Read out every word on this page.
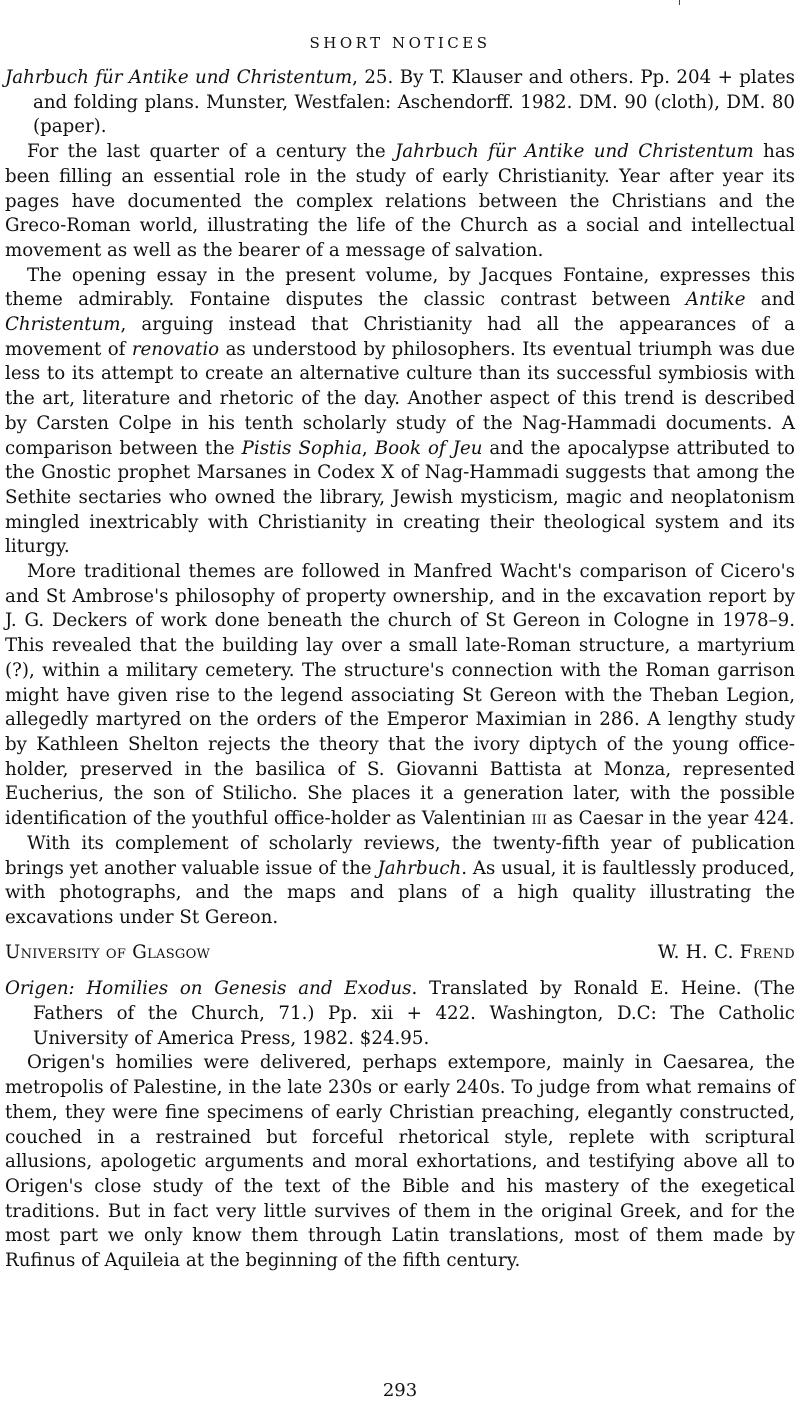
SHORT NOTICES

Jahrbuch für Antike und Christentum, 25. By T. Klauser and others. Pp. 204 + plates and folding plans. Munster, Westfalen: Aschendorff. 1982. DM. 90 (cloth), DM. 80 (paper).

For the last quarter of a century the Jahrbuch für Antike und Christentum has been filling an essential role in the study of early Christianity. Year after year its pages have documented the complex relations between the Christians and the Greco-Roman world, illustrating the life of the Church as a social and intellectual movement as well as the bearer of a message of salvation.

The opening essay in the present volume, by Jacques Fontaine, expresses this theme admirably. Fontaine disputes the classic contrast between Antike and Christentum, arguing instead that Christianity had all the appearances of a movement of renovatio as understood by philosophers. Its eventual triumph was due less to its attempt to create an alternative culture than its successful symbiosis with the art, literature and rhetoric of the day. Another aspect of this trend is described by Carsten Colpe in his tenth scholarly study of the Nag-Hammadi documents. A comparison between the Pistis Sophia, Book of Jeu and the apocalypse attributed to the Gnostic prophet Marsanes in Codex X of Nag-Hammadi suggests that among the Sethite sectaries who owned the library, Jewish mysticism, magic and neoplatonism mingled inextricably with Christianity in creating their theological system and its liturgy.

More traditional themes are followed in Manfred Wacht's comparison of Cicero's and St Ambrose's philosophy of property ownership, and in the excavation report by J. G. Deckers of work done beneath the church of St Gereon in Cologne in 1978–9. This revealed that the building lay over a small late-Roman structure, a martyrium (?), within a military cemetery. The structure's connection with the Roman garrison might have given rise to the legend associating St Gereon with the Theban Legion, allegedly martyred on the orders of the Emperor Maximian in 286. A lengthy study by Kathleen Shelton rejects the theory that the ivory diptych of the young office-holder, preserved in the basilica of S. Giovanni Battista at Monza, represented Eucherius, the son of Stilicho. She places it a generation later, with the possible identification of the youthful office-holder as Valentinian iii as Caesar in the year 424.

With its complement of scholarly reviews, the twenty-fifth year of publication brings yet another valuable issue of the Jahrbuch. As usual, it is faultlessly produced, with photographs, and the maps and plans of a high quality illustrating the excavations under St Gereon.

University of Glasgow	W. H. C. Frend

Origen: Homilies on Genesis and Exodus. Translated by Ronald E. Heine. (The Fathers of the Church, 71.) Pp. xii + 422. Washington, D.C: The Catholic University of America Press, 1982. $24.95.

Origen's homilies were delivered, perhaps extempore, mainly in Caesarea, the metropolis of Palestine, in the late 230s or early 240s. To judge from what remains of them, they were fine specimens of early Christian preaching, elegantly constructed, couched in a restrained but forceful rhetorical style, replete with scriptural allusions, apologetic arguments and moral exhortations, and testifying above all to Origen's close study of the text of the Bible and his mastery of the exegetical traditions. But in fact very little survives of them in the original Greek, and for the most part we only know them through Latin translations, most of them made by Rufinus of Aquileia at the beginning of the fifth century.

293
